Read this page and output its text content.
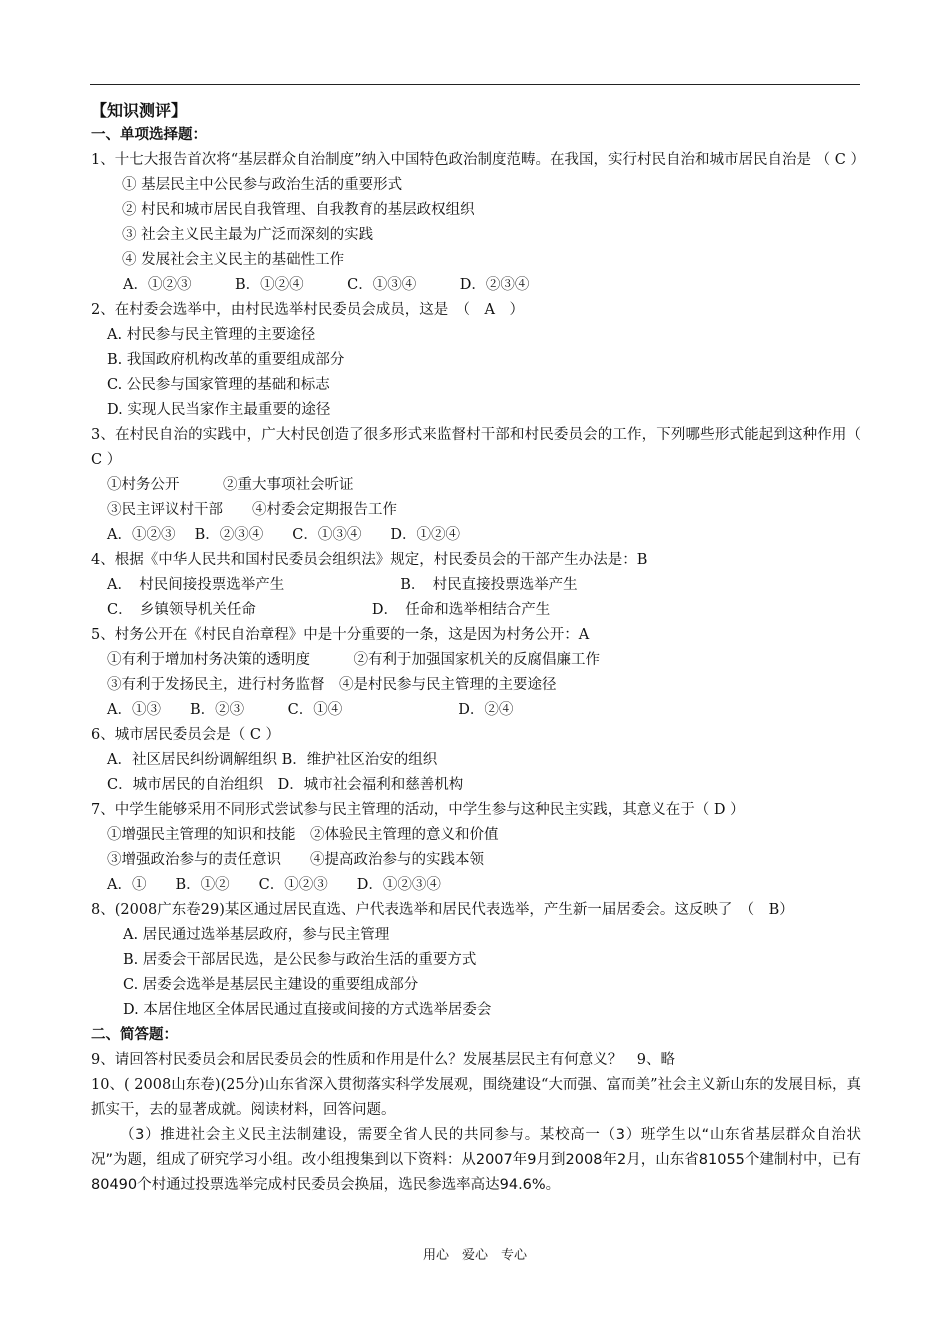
【知识测评】
一、单项选择题：
1、十七大报告首次将“基层群众自治制度”纳入中国特色政治制度范畴。在我国，实行村民自治和城市居民自治是 （ C ）
① 基层民主中公民参与政治生活的重要形式
② 村民和城市居民自我管理、自我教育的基层政权组织
③ 社会主义民主最为广泛而深刻的实践
④ 发展社会主义民主的基础性工作
A．①②③　　　B．①②④　　　C．①③④　　　D．②③④
2、在村委会选举中，由村民选举村民委员会成员，这是　（　A　）
A. 村民参与民主管理的主要途径
B. 我国政府机构改革的重要组成部分
C. 公民参与国家管理的基础和标志
D. 实现人民当家作主最重要的途径
3、在村民自治的实践中，广大村民创造了很多形式来监督村干部和村民委员会的工作，下列哪些形式能起到这种作用（ C ）
①村务公开　　　②重大事项社会听证
③民主评议村干部　　④村委会定期报告工作
A．①②③　 B．②③④　　C．①③④　　D．①②④
4、根据《中华人民共和国村民委员会组织法》规定，村民委员会的干部产生办法是：B
A．　村民间接投票选举产生　　　　　　　　B．　村民直接投票选举产生
C．　乡镇领导机关任命　　　　　　　　D．　任命和选举相结合产生
5、村务公开在《村民自治章程》中是十分重要的一条，这是因为村务公开：A
①有利于增加村务决策的透明度　　　②有利于加强国家机关的反腐倡廉工作
③有利于发扬民主，进行村务监督　④是村民参与民主管理的主要途径
A．①③　　B．②③　　　C．①④　　　　　　　　D．②④
6、城市居民委员会是（ C ）
A．社区居民纠纷调解组织 B．维护社区治安的组织
C．城市居民的自治组织　D．城市社会福利和慈善机构
7、中学生能够采用不同形式尝试参与民主管理的活动，中学生参与这种民主实践，其意义在于（ D ）
①增强民主管理的知识和技能　②体验民主管理的意义和价值
③增强政治参与的责任意识　　④提高政治参与的实践本领
A．①　　B．①②　　C．①②③　　D．①②③④
8、(2008广东卷29)某区通过居民直选、户代表选举和居民代表选举，产生新一届居委会。这反映了　（　B）
A. 居民通过选举基层政府，参与民主管理
B. 居委会干部居民选，是公民参与政治生活的重要方式
C. 居委会选举是基层民主建设的重要组成部分
D. 本居住地区全体居民通过直接或间接的方式选举居委会
二、简答题：
9、请回答村民委员会和居民委员会的性质和作用是什么？发展基层民主有何意义？　9、略
10、( 2008山东卷)(25分)山东省深入贯彻落实科学发展观，围绕建设“大而强、富而美”社会主义新山东的发展目标，真抓实干，去的显著成就。阅读材料，回答问题。
（3）推进社会主义民主法制建设，需要全省人民的共同参与。某校高一（3）班学生以“山东省基层群众自治状况”为题，组成了研究学习小组。改小组搜集到以下资料：从2007年9月到2008年2月，山东省81055个建制村中，已有80490个村通过投票选举完成村民委员会换届，选民参选率高达94.6%。
用心　爱心　专心
